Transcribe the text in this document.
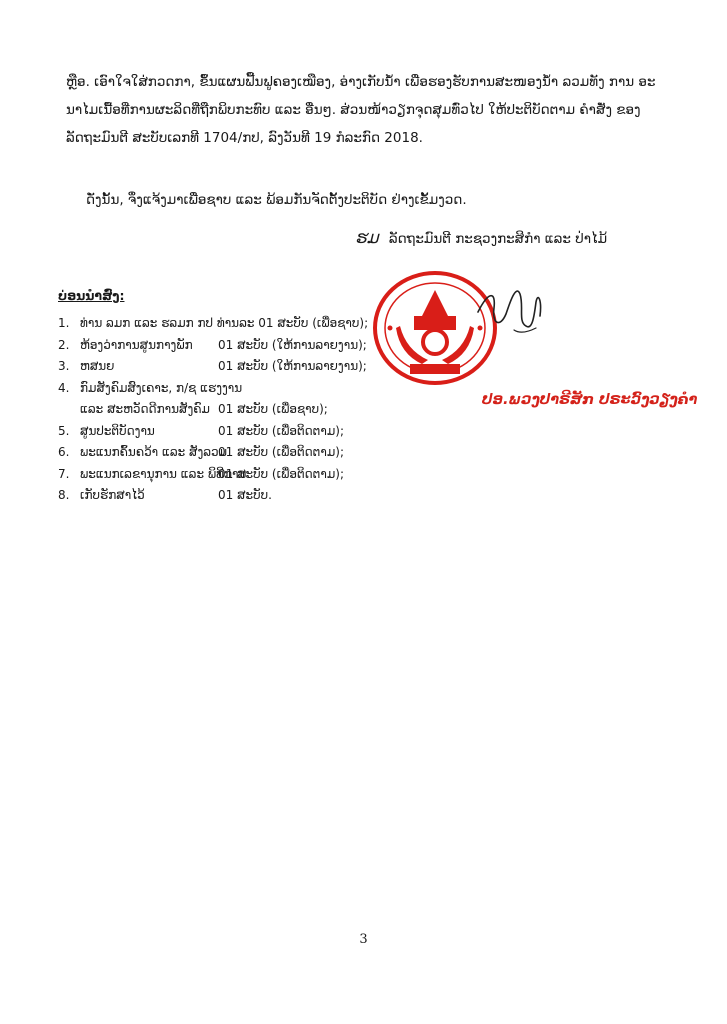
ຫຼືອ. ເອົາໃຈໃສ່ກວດກາ, ຂຶ້ນແຜນຟື້ນຟູຄອງເໝືອງ, ອ່າງເກັບນ້ຳ ເພື່ອຮອງຮັບການສະໜອງນ້ຳ ລວມທັງ ການ ອະນາໄມເນື້ອທີ່ການຜະລິດທີ່ຖືກພິບກະທົບ ແລະ ອື່ນໆ. ສ່ວນໜ້າວຽກຈຸດສຸມທົ່ວໄປ ໃຫ້ປະຕິບັດຕາມ ຄຳສັ່ງ ຂອງລັດຖະມົນຕີ ສະບັບເລກທີ 1704/ກປ, ລົງວັນທີ 19 ກໍລະກົດ 2018.
ດັ່ງນັ້ນ, ຈຶ່ງແຈ້ງມາເພື່ອຊາບ ແລະ ພ້ອມກັນຈັດຕັ້ງປະຕິບັດ ຢ່າງເຂັ້ມງວດ.
ຮມ ລັດຖະມົນຕີ ກະຊວງກະສິກຳ ແລະ ປ່າໄມ້
ບ່ອນນຳສົ່ງ:
1. ທ່ານ ລມກ ແລະ ຮລມກ ກປ ທ່ານລະ 01 ສະບັບ (ເພື່ອຊາບ);
2. ຫ້ອງວ່າການສູນກາງພັກ 01 ສະບັບ (ໃຫ້ການລາຍງານ);
3. ຫສນຍ	01 ສະບັບ (ໃຫ້ການລາຍງານ);
4. ກົມສັງຄົມສົງເຄາະ, ກ/ຊ ແຮງງານ
ແລະ ສະຫວັດດີການສັງຄົມ 01 ສະບັບ (ເພື່ອຊາບ);
5. ສູນປະຕິບັດງານ	01 ສະບັບ (ເພື່ອຕິດຕາມ);
6. ພະແນກຄົ້ນຄວ້າ ແລະ ສັງລວມ
01 ສະບັບ (ເພື່ອຕິດຕາມ);
7. ພະແນກເລຂານຸການ ແລະ ພິທີການ
01 ສະບັບ (ເພື່ອຕິດຕາມ);
8. ເກັບຮັກສາໄວ້	01 ສະບັບ.
ປອ.ພວງປາຣີສັກ ປຣະວົງວຽງຄຳ
3
